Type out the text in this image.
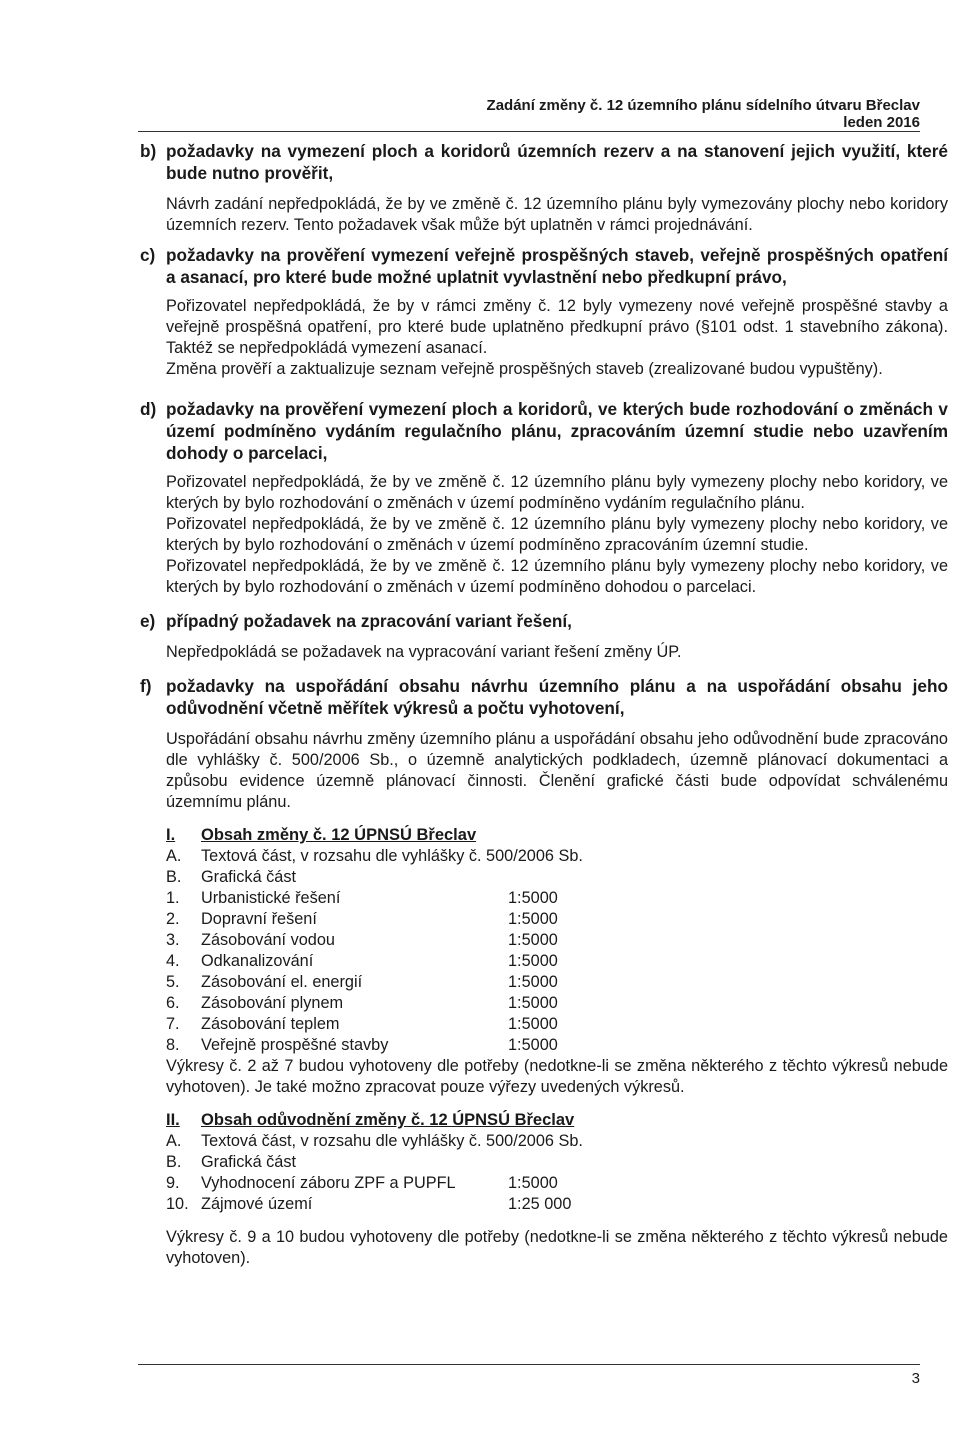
Zadání změny č. 12 územního plánu sídelního útvaru Břeclav
leden 2016
b) požadavky na vymezení ploch a koridorů územních rezerv a na stanovení jejich využití, které bude nutno prověřit,
Návrh zadání nepředpokládá, že by ve změně č. 12 územního plánu byly vymezovány plochy nebo koridory územních rezerv. Tento požadavek však může být uplatněn v rámci projednávání.
c) požadavky na prověření vymezení veřejně prospěšných staveb, veřejně prospěšných opatření a asanací, pro které bude možné uplatnit vyvlastnění nebo předkupní právo,
Pořizovatel nepředpokládá, že by v rámci změny č. 12 byly vymezeny nové veřejně prospěšné stavby a veřejně prospěšná opatření, pro které bude uplatněno předkupní právo (§101 odst. 1 stavebního zákona). Taktéž se nepředpokládá vymezení asanací.
Změna prověří a zaktualizuje seznam veřejně prospěšných staveb (zrealizované budou vypuštěny).
d) požadavky na prověření vymezení ploch a koridorů, ve kterých bude rozhodování o změnách v území podmíněno vydáním regulačního plánu, zpracováním územní studie nebo uzavřením dohody o parcelaci,
Pořizovatel nepředpokládá, že by ve změně č. 12 územního plánu byly vymezeny plochy nebo koridory, ve kterých by bylo rozhodování o změnách v území podmíněno vydáním regulačního plánu.
Pořizovatel nepředpokládá, že by ve změně č. 12 územního plánu byly vymezeny plochy nebo koridory, ve kterých by bylo rozhodování o změnách v území podmíněno zpracováním územní studie.
Pořizovatel nepředpokládá, že by ve změně č. 12 územního plánu byly vymezeny plochy nebo koridory, ve kterých by bylo rozhodování o změnách v území podmíněno dohodou o parcelaci.
e) případný požadavek na zpracování variant řešení,
Nepředpokládá se požadavek na vypracování variant řešení změny ÚP.
f) požadavky na uspořádání obsahu návrhu územního plánu a na uspořádání obsahu jeho odůvodnění včetně měřítek výkresů a počtu vyhotovení,
Uspořádání obsahu návrhu změny územního plánu a uspořádání obsahu jeho odůvodnění bude zpracováno dle vyhlášky č. 500/2006 Sb., o územně analytických podkladech, územně plánovací dokumentaci a způsobu evidence územně plánovací činnosti. Členění grafické části bude odpovídat schválenému územnímu plánu.
I. Obsah změny č. 12 ÚPNSÚ Břeclav
A. Textová část, v rozsahu dle vyhlášky č. 500/2006 Sb.
B. Grafická část
1. Urbanistické řešení	1:5000
2. Dopravní řešení	1:5000
3. Zásobování vodou	1:5000
4. Odkanalizování	1:5000
5. Zásobování el. energií	1:5000
6. Zásobování plynem	1:5000
7. Zásobování teplem	1:5000
8. Veřejně prospěšné stavby	1:5000
Výkresy č. 2 až 7 budou vyhotoveny dle potřeby (nedotkne-li se změna některého z těchto výkresů nebude vyhotoven). Je také možno zpracovat pouze výřezy uvedených výkresů.
II. Obsah odůvodnění změny č. 12 ÚPNSÚ Břeclav
A. Textová část, v rozsahu dle vyhlášky č. 500/2006 Sb.
B. Grafická část
9. Vyhodnocení záboru ZPF a PUPFL	1:5000
10. Zájmové území	1:25 000
Výkresy č. 9 a 10 budou vyhotoveny dle potřeby (nedotkne-li se změna některého z těchto výkresů nebude vyhotoven).
3
